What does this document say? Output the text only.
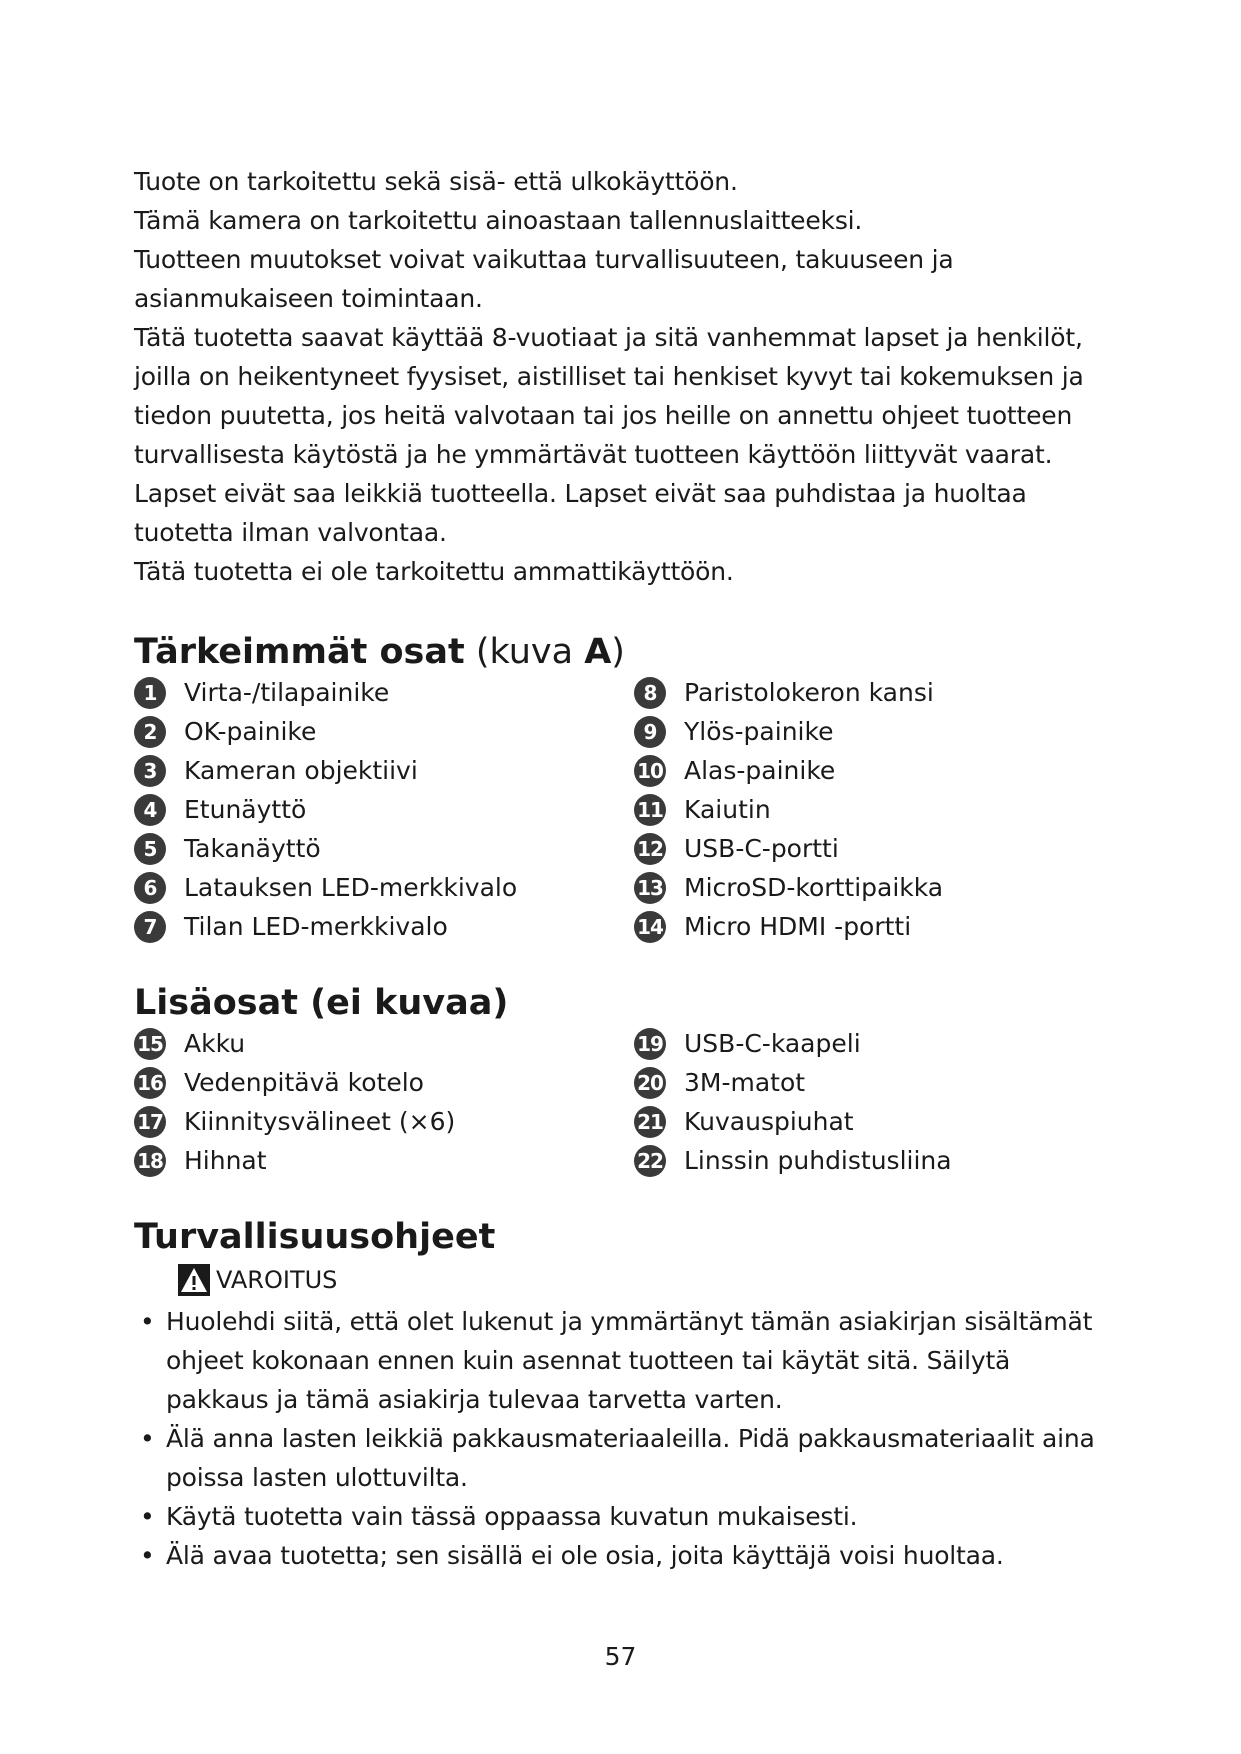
Tuote on tarkoitettu sekä sisä- että ulkokäyttöön.

Tämä kamera on tarkoitettu ainoastaan tallennuslaitteeksi.

Tuotteen muutokset voivat vaikuttaa turvallisuuteen, takuuseen ja asianmukaiseen toimintaan.

Tätä tuotetta saavat käyttää 8-vuotiaat ja sitä vanhemmat lapset ja henkilöt, joilla on heikentyneet fyysiset, aistilliset tai henkiset kyvyt tai kokemuksen ja tiedon puutetta, jos heitä valvotaan tai jos heille on annettu ohjeet tuotteen turvallisesta käytöstä ja he ymmärtävät tuotteen käyttöön liittyvät vaarat. Lapset eivät saa leikkiä tuotteella. Lapset eivät saa puhdistaa ja huoltaa tuotetta ilman valvontaa.

Tätä tuotetta ei ole tarkoitettu ammattikäyttöön.

Tärkeimmät osat (kuva A)
1	Virta-/tilapainike
2	OK-painike
3	Kameran objektiivi
4	Etunäyttö
5	Takanäyttö
6	Latauksen LED-merkkivalo
7	Tilan LED-merkkivalo
8	Paristolokeron kansi
9	Ylös-painike
10 Alas-painike
11 Kaiutin
12 USB-C-portti
13 MicroSD-korttipaikka
14 Micro HDMI -portti
Lisäosat (ei kuvaa)
15 Akku
16 Vedenpitävä kotelo
17 Kiinnitysvälineet (×6)
18 Hihnat
19 USB-C-kaapeli
20 3M-matot
21 Kuvauspiuhat
22 Linssin puhdistusliina
Turvallisuusohjeet
VAROITUS
• Huolehdi siitä, että olet lukenut ja ymmärtänyt tämän asiakirjan sisältämät ohjeet kokonaan ennen kuin asennat tuotteen tai käytät sitä. Säilytä pakkaus ja tämä asiakirja tulevaa tarvetta varten.
• Älä anna lasten leikkiä pakkausmateriaaleilla. Pidä pakkausmateriaalit aina poissa lasten ulottuvilta.
• Käytä tuotetta vain tässä oppaassa kuvatun mukaisesti.
• Älä avaa tuotetta; sen sisällä ei ole osia, joita käyttäjä voisi huoltaa.
57
